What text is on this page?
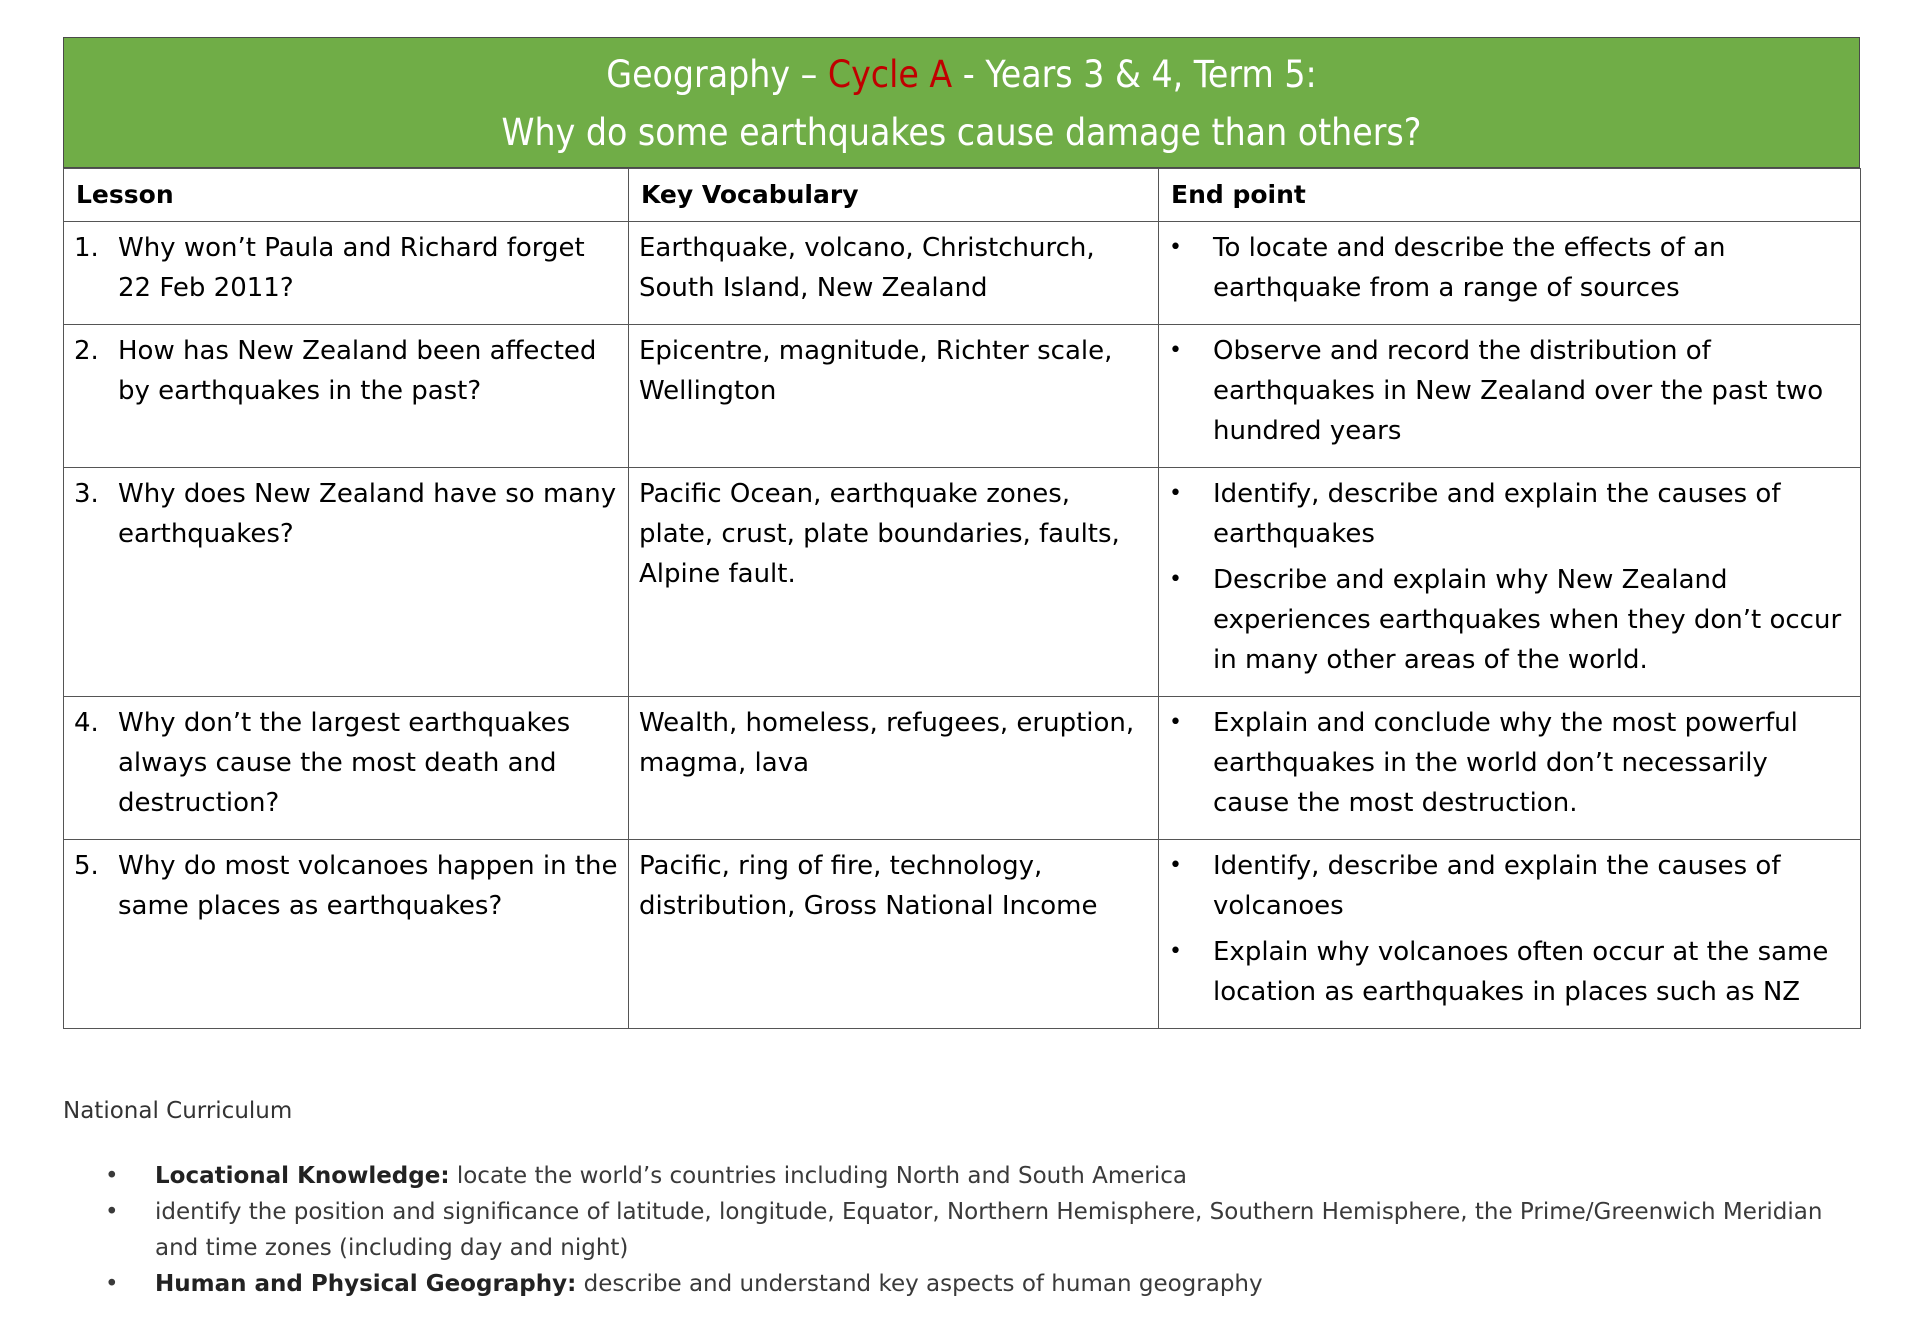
Geography – Cycle A - Years 3 & 4, Term 5:
Why do some earthquakes cause damage than others?
Lesson	Key Vocabulary	End point

1. Why won’t Paula and Richard forget 22 Feb 2011?
	Earthquake, volcano, Christchurch, South Island, New Zealand	
•	To locate and describe the effects of an earthquake from a range of sources

2. How has New Zealand been affected by earthquakes in the past?
	Epicentre, magnitude, Richter scale, Wellington	
•	Observe and record the distribution of earthquakes in New Zealand over the past two hundred years

3. Why does New Zealand have so many earthquakes?
	Pacific Ocean, earthquake zones, plate, crust, plate boundaries, faults, Alpine fault.	
•	Identify, describe and explain the causes of earthquakes
•	Describe and explain why New Zealand experiences earthquakes when they don’t occur in many other areas of the world.

4. Why don’t the largest earthquakes always cause the most death and destruction?
	Wealth, homeless, refugees, eruption, magma, lava	
•	Explain and conclude why the most powerful earthquakes in the world don’t necessarily cause the most destruction.

5. Why do most volcanoes happen in the same places as earthquakes?
	Pacific, ring of fire, technology, distribution, Gross National Income	
•	Identify, describe and explain the causes of volcanoes
•	Explain why volcanoes often occur at the same location as earthquakes in places such as NZ
National Curriculum
•	Locational Knowledge: locate the world’s countries including North and South America
•	identify the position and significance of latitude, longitude, Equator, Northern Hemisphere, Southern Hemisphere, the Prime/Greenwich Meridian and time zones (including day and night)
•	Human and Physical Geography: describe and understand key aspects of human geography
